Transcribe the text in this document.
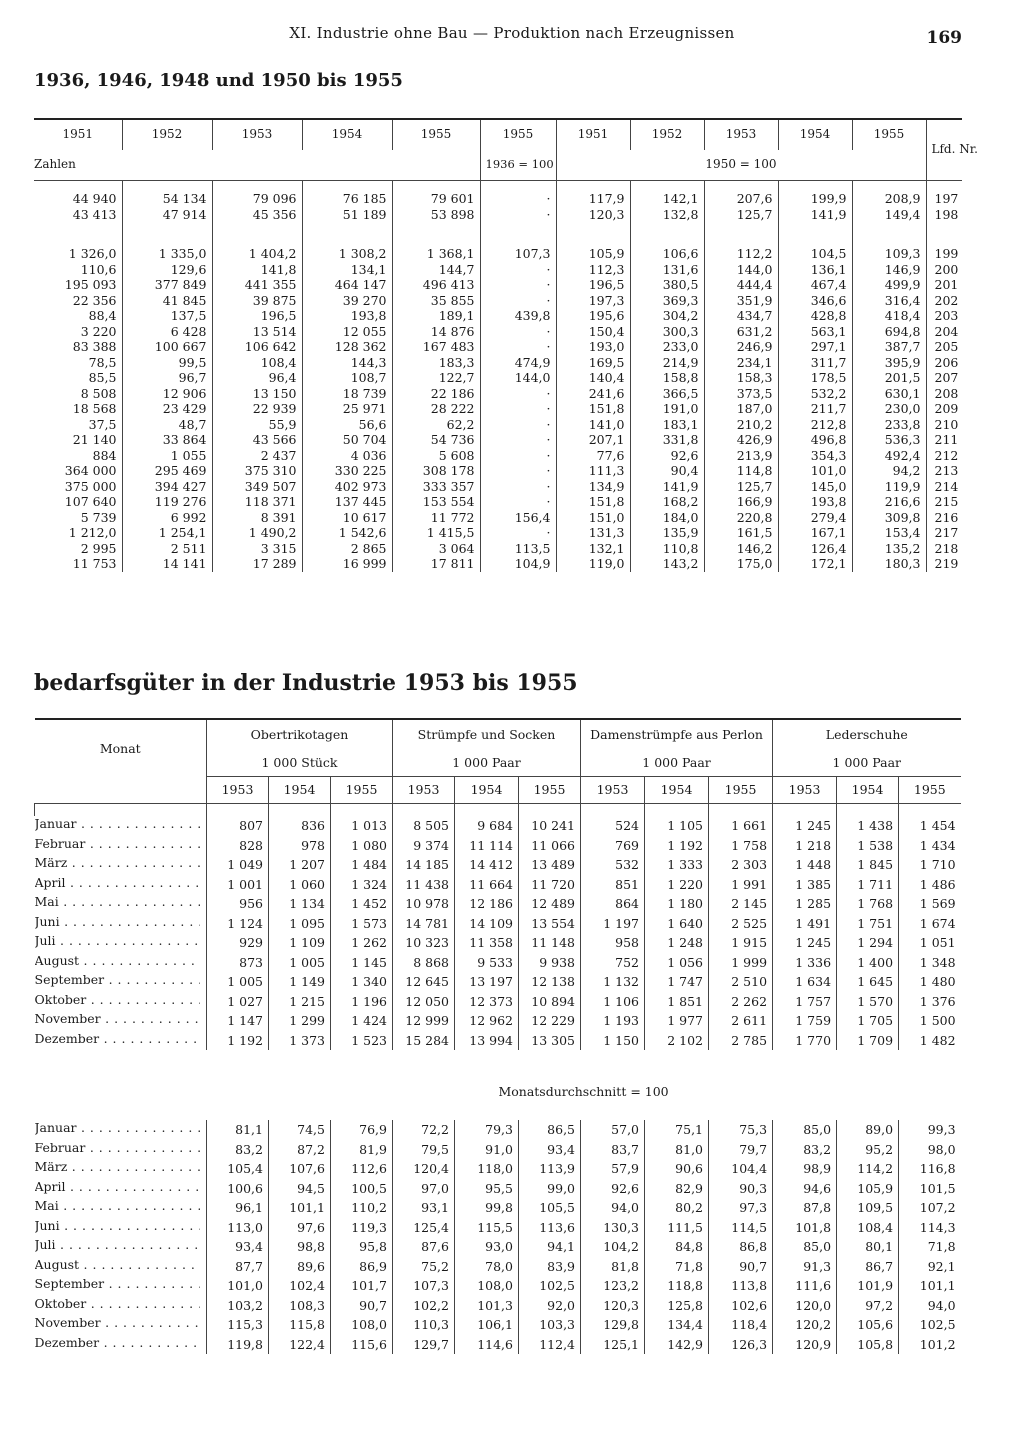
XI. Industrie ohne Bau — Produktion nach Erzeugnissen	169
1936, 1946, 1948 und 1950 bis 1955
1951	1952	1953	1954	1955	1955	1951	1952	1953	1954	1955	Lfd. Nr.
Zahlen					1936 = 100	1950 = 100					

44 940	54 134	79 096	76 185	79 601	·	117,9	142,1	207,6	199,9	208,9	197
43 413	47 914	45 356	51 189	53 898	·	120,3	132,8	125,7	141,9	149,4	198

1 326,0	1 335,0	1 404,2	1 308,2	1 368,1	107,3	105,9	106,6	112,2	104,5	109,3	199
110,6	129,6	141,8	134,1	144,7	·	112,3	131,6	144,0	136,1	146,9	200
195 093	377 849	441 355	464 147	496 413	·	196,5	380,5	444,4	467,4	499,9	201
22 356	41 845	39 875	39 270	35 855	·	197,3	369,3	351,9	346,6	316,4	202
88,4	137,5	196,5	193,8	189,1	439,8	195,6	304,2	434,7	428,8	418,4	203
3 220	6 428	13 514	12 055	14 876	·	150,4	300,3	631,2	563,1	694,8	204
83 388	100 667	106 642	128 362	167 483	·	193,0	233,0	246,9	297,1	387,7	205
78,5	99,5	108,4	144,3	183,3	474,9	169,5	214,9	234,1	311,7	395,9	206
85,5	96,7	96,4	108,7	122,7	144,0	140,4	158,8	158,3	178,5	201,5	207
8 508	12 906	13 150	18 739	22 186	·	241,6	366,5	373,5	532,2	630,1	208
18 568	23 429	22 939	25 971	28 222	·	151,8	191,0	187,0	211,7	230,0	209
37,5	48,7	55,9	56,6	62,2	·	141,0	183,1	210,2	212,8	233,8	210
21 140	33 864	43 566	50 704	54 736	·	207,1	331,8	426,9	496,8	536,3	211
884	1 055	2 437	4 036	5 608	·	77,6	92,6	213,9	354,3	492,4	212
364 000	295 469	375 310	330 225	308 178	·	111,3	90,4	114,8	101,0	94,2	213
375 000	394 427	349 507	402 973	333 357	·	134,9	141,9	125,7	145,0	119,9	214
107 640	119 276	118 371	137 445	153 554	·	151,8	168,2	166,9	193,8	216,6	215
5 739	6 992	8 391	10 617	11 772	156,4	151,0	184,0	220,8	279,4	309,8	216
1 212,0	1 254,1	1 490,2	1 542,6	1 415,5	·	131,3	135,9	161,5	167,1	153,4	217
2 995	2 511	3 315	2 865	3 064	113,5	132,1	110,8	146,2	126,4	135,2	218
11 753	14 141	17 289	16 999	17 811	104,9	119,0	143,2	175,0	172,1	180,3	219
bedarfsgüter in der Industrie 1953 bis 1955
Monat	Obertrikotagen			Strümpfe und Socken			Damenstrümpfe aus Perlon			Lederschuhe		
	1 000 Stück			1 000 Paar			1 000 Paar			1 000 Paar		
	1953	1954	1955	1953	1954	1955	1953	1954	1955	1953	1954	1955

Januar . . .	807	836	1 013	8 505	9 684	10 241	524	1 105	1 661	1 245	1 438	1 454
Februar . . .	828	978	1 080	9 374	11 114	11 066	769	1 192	1 758	1 218	1 538	1 434
März . . .	1 049	1 207	1 484	14 185	14 412	13 489	532	1 333	2 303	1 448	1 845	1 710
April . . .	1 001	1 060	1 324	11 438	11 664	11 720	851	1 220	1 991	1 385	1 711	1 486
Mai . . .	956	1 134	1 452	10 978	12 186	12 489	864	1 180	2 145	1 285	1 768	1 569
Juni . . .	1 124	1 095	1 573	14 781	14 109	13 554	1 197	1 640	2 525	1 491	1 751	1 674
Juli . . .	929	1 109	1 262	10 323	11 358	11 148	958	1 248	1 915	1 245	1 294	1 051
August . . .	873	1 005	1 145	8 868	9 533	9 938	752	1 056	1 999	1 336	1 400	1 348
September . . .	1 005	1 149	1 340	12 645	13 197	12 138	1 132	1 747	2 510	1 634	1 645	1 480
Oktober . . .	1 027	1 215	1 196	12 050	12 373	10 894	1 106	1 851	2 262	1 757	1 570	1 376
November . . .	1 147	1 299	1 424	12 999	12 962	12 229	1 193	1 977	2 611	1 759	1 705	1 500
Dezember . . .	1 192	1 373	1 523	15 284	13 994	13 305	1 150	2 102	2 785	1 770	1 709	1 482
	Monatsdurchschnitt = 100											
Januar . . .	81,1	74,5	76,9	72,2	79,3	86,5	57,0	75,1	75,3	85,0	89,0	99,3
Februar . . .	83,2	87,2	81,9	79,5	91,0	93,4	83,7	81,0	79,7	83,2	95,2	98,0
März . . .	105,4	107,6	112,6	120,4	118,0	113,9	57,9	90,6	104,4	98,9	114,2	116,8
April . . .	100,6	94,5	100,5	97,0	95,5	99,0	92,6	82,9	90,3	94,6	105,9	101,5
Mai . . .	96,1	101,1	110,2	93,1	99,8	105,5	94,0	80,2	97,3	87,8	109,5	107,2
Juni . . .	113,0	97,6	119,3	125,4	115,5	113,6	130,3	111,5	114,5	101,8	108,4	114,3
Juli . . .	93,4	98,8	95,8	87,6	93,0	94,1	104,2	84,8	86,8	85,0	80,1	71,8
August . . .	87,7	89,6	86,9	75,2	78,0	83,9	81,8	71,8	90,7	91,3	86,7	92,1
September . . .	101,0	102,4	101,7	107,3	108,0	102,5	123,2	118,8	113,8	111,6	101,9	101,1
Oktober . . .	103,2	108,3	90,7	102,2	101,3	92,0	120,3	125,8	102,6	120,0	97,2	94,0
November . . .	115,3	115,8	108,0	110,3	106,1	103,3	129,8	134,4	118,4	120,2	105,6	102,5
Dezember . . .	119,8	122,4	115,6	129,7	114,6	112,4	125,1	142,9	126,3	120,9	105,8	101,2
